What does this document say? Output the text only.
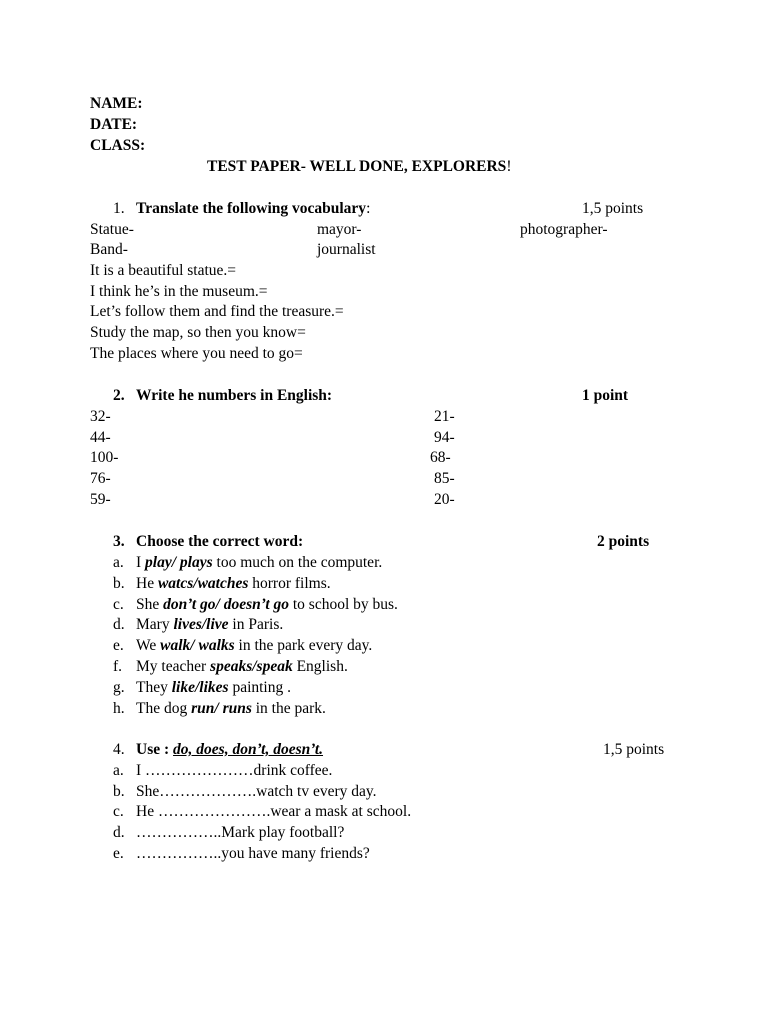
NAME:
DATE:
CLASS:
TEST PAPER- WELL DONE, EXPLORERS!
1. Translate the following vocabulary:	1,5 points
Statue-	mayor-	photographer-
Band-	journalist
It is a beautiful statue.=
I think he’s in the museum.=
Let’s follow them and find the treasure.=
Study the map, so then you know=
The places where you need to go=
2. Write he numbers in English:	1 point
32-	21-
44-	94-
100-	68-
76-	85-
59-	20-
3. Choose the correct word:	2 points
a. I play/ plays too much on the computer.
b. He watcs/watches horror films.
c. She don’t go/ doesn’t go to school by bus.
d. Mary lives/live in Paris.
e. We walk/ walks in the park every day.
f. My teacher speaks/speak English.
g. They like/likes painting .
h. The dog run/ runs in the park.
4. Use : do, does, don’t, doesn’t.	1,5 points
a. I …………………drink coffee.
b. She……………….watch tv every day.
c. He ………………….wear a mask at school.
d. ……………..Mark play football?
e. ……………..you have many friends?
